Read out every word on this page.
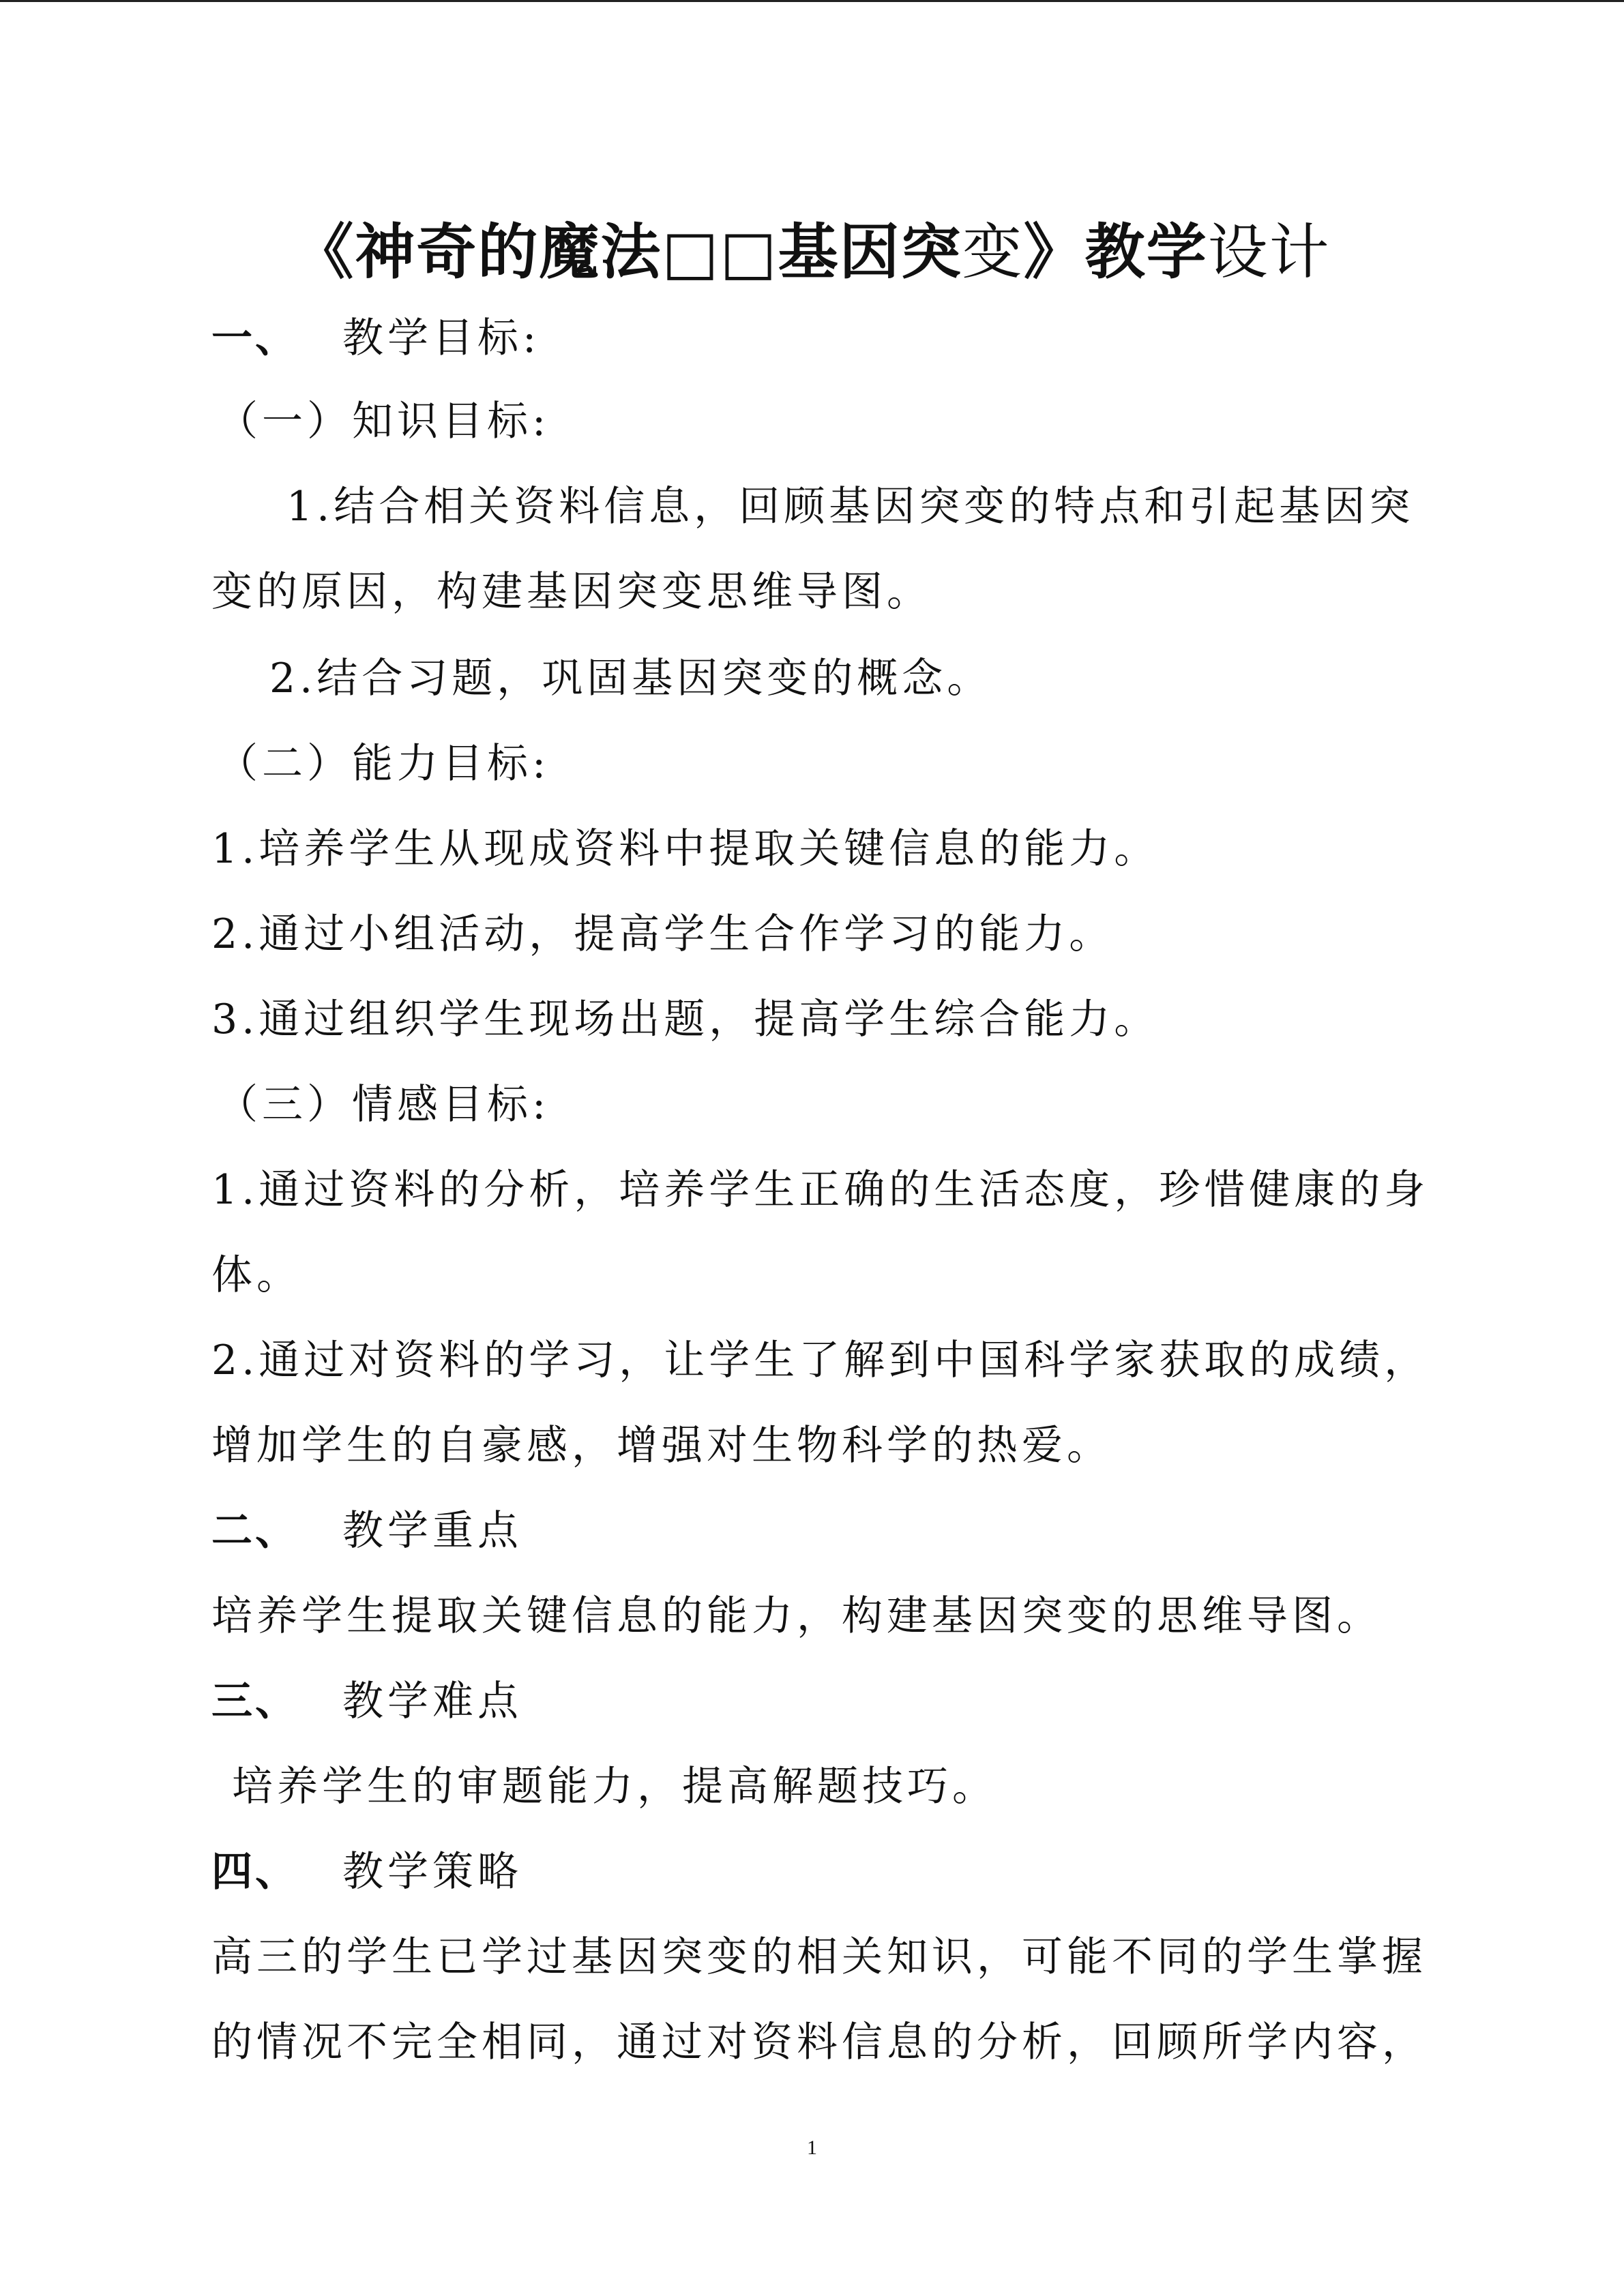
《神奇的魔法□□基因突变》教学设计
一、 教学目标:
（一）知识目标:
1.结合相关资料信息，回顾基因突变的特点和引起基因突
变的原因，构建基因突变思维导图。
2.结合习题，巩固基因突变的概念。
（二）能力目标:
1.培养学生从现成资料中提取关键信息的能力。
2.通过小组活动，提高学生合作学习的能力。
3.通过组织学生现场出题，提高学生综合能力。
（三）情感目标:
1.通过资料的分析，培养学生正确的生活态度，珍惜健康的身
体。
2.通过对资料的学习，让学生了解到中国科学家获取的成绩，
增加学生的自豪感，增强对生物科学的热爱。
二、 教学重点
培养学生提取关键信息的能力，构建基因突变的思维导图。
三、 教学难点
培养学生的审题能力，提高解题技巧。
四、 教学策略
高三的学生已学过基因突变的相关知识，可能不同的学生掌握
的情况不完全相同，通过对资料信息的分析，回顾所学内容，
1
